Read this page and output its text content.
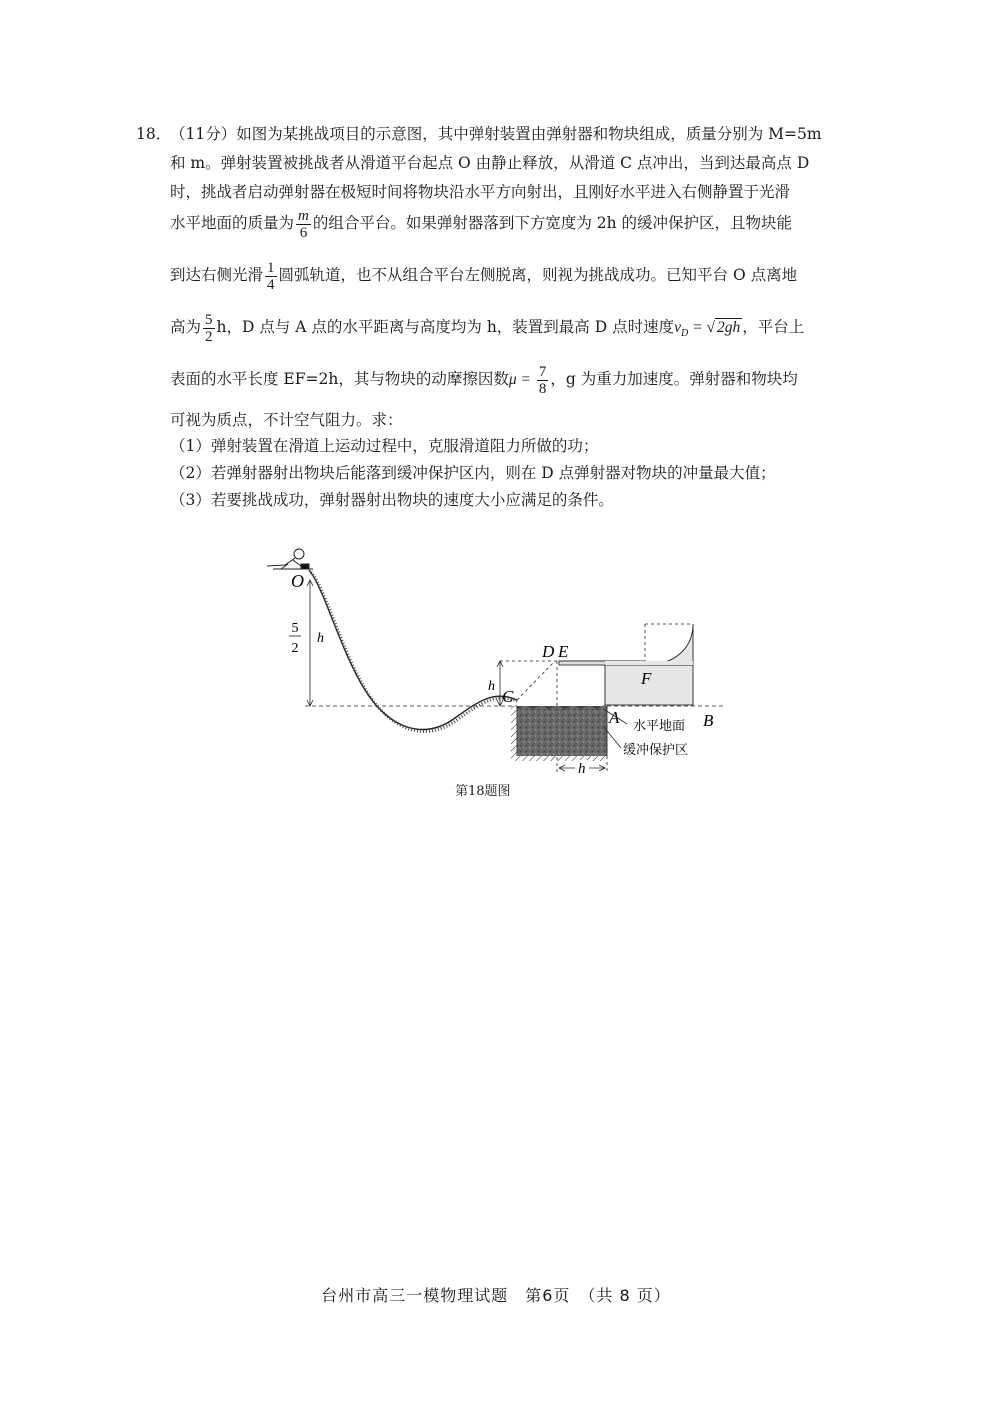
18．
（11分）如图为某挑战项目的示意图，其中弹射装置由弹射器和物块组成，质量分别为 M=5m
和 m。弹射装置被挑战者从滑道平台起点 O 由静止释放，从滑道 C 点冲出，当到达最高点 D
时，挑战者启动弹射器在极短时间将物块沿水平方向射出，且刚好水平进入右侧静置于光滑
水平地面的质量为 $\frac{m}{6}$ 的组合平台。如果弹射器落到下方宽度为 2h 的缓冲保护区，且物块能
到达右侧光滑 $\frac{1}{4}$ 圆弧轨道，也不从组合平台左侧脱离，则视为挑战成功。已知平台 O 点离地
高为 $\frac{5}{2}$ h，D 点与 A 点的水平距离与高度均为 h，装置到最高 D 点时速度$v_D$ = √ 2gh ，平台上
表面的水平长度 EF=2h，其与物块的动摩擦因数$\mu = \frac{7}{8}$ ，g 为重力加速度。弹射器和物块均
可视为质点，不计空气阻力。求：
（1）弹射装置在滑道上运动过程中，克服滑道阻力所做的功；
（2）若弹射器射出物块后能落到缓冲保护区内，则在 D 点弹射器对物块的冲量最大值；
（3）若要挑战成功，弹射器射出物块的速度大小应满足的条件。
5
2
h
O
h
C
D E
F
A	B
水平地面
缓冲保护区
h
第18题图
台州市高三一模物理试题　第6页　（共 8 页）
